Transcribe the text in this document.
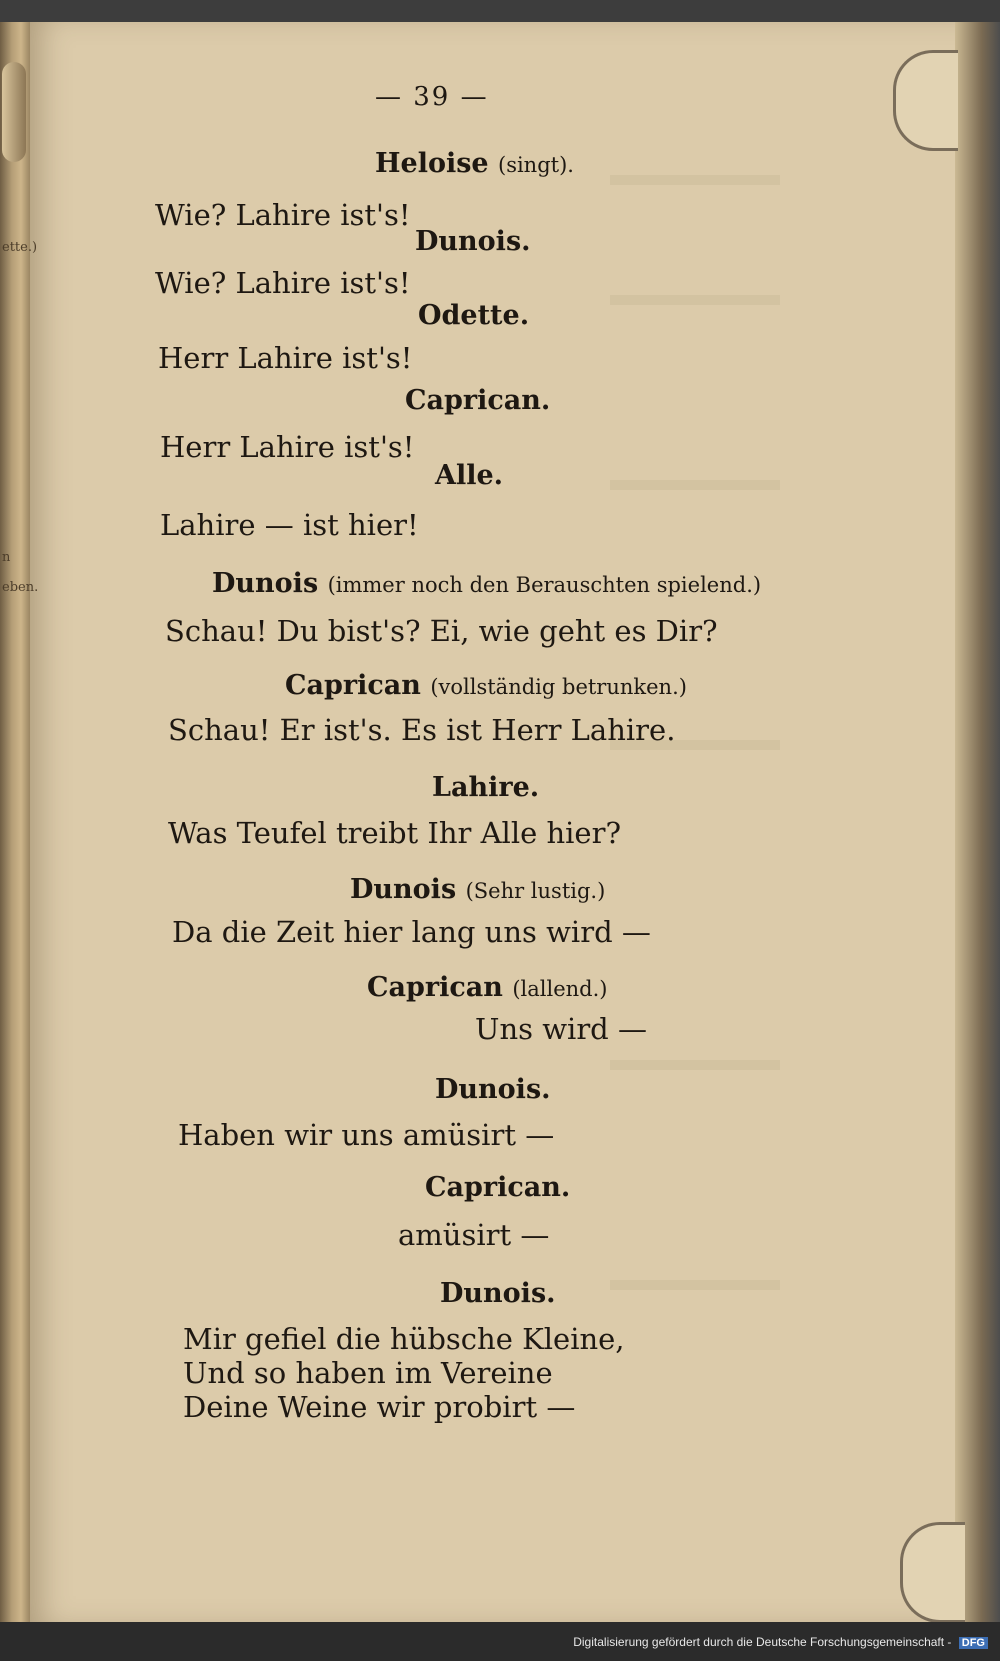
ette.)
n
eben.
— 39 —
Heloise (singt).
Wie? Lahire ist's!
Dunois.
Wie? Lahire ist's!
Odette.
Herr Lahire ist's!
Caprican.
Herr Lahire ist's!
Alle.
Lahire — ist hier!
Dunois (immer noch den Berauschten spielend.)
Schau! Du bist's? Ei, wie geht es Dir?
Caprican (vollständig betrunken.)
Schau! Er ist's. Es ist Herr Lahire.
Lahire.
Was Teufel treibt Ihr Alle hier?
Dunois (Sehr lustig.)
Da die Zeit hier lang uns wird —
Caprican (lallend.)
Uns wird —
Dunois.
Haben wir uns amüsirt —
Caprican.
amüsirt —
Dunois.
Mir gefiel die hübsche Kleine,
Und so haben im Vereine
Deine Weine wir probirt —
Digitalisierung gefördert durch die Deutsche Forschungsgemeinschaft - DFG
